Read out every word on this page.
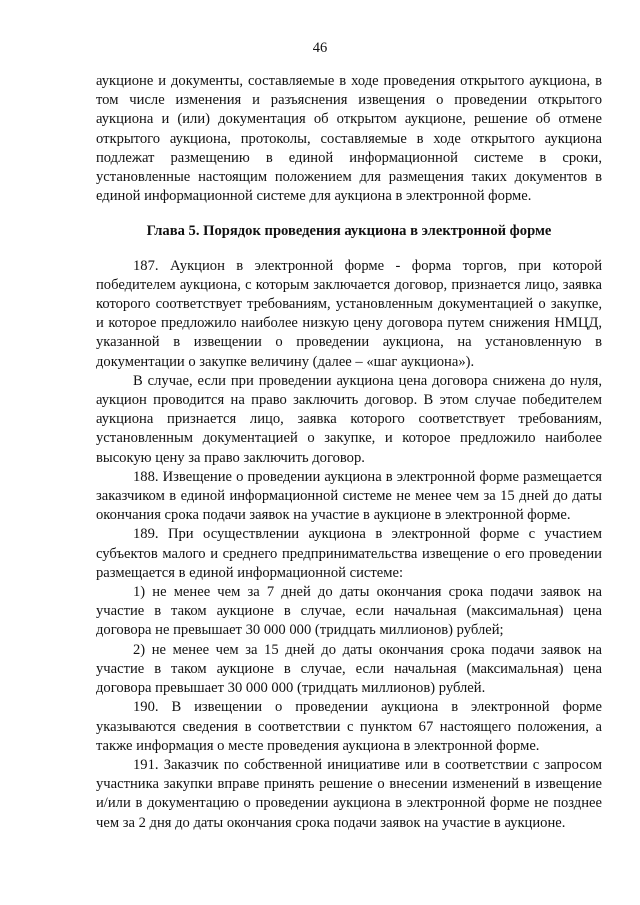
46

аукционе и документы, составляемые в ходе проведения открытого аукциона, в том числе изменения и разъяснения извещения о проведении открытого аукциона и (или) документация об открытом аукционе, решение об отмене открытого аукциона, протоколы, составляемые в ходе открытого аукциона подлежат размещению в единой информационной системе в сроки, установленные настоящим положением для размещения таких документов в единой информационной системе для аукциона в электронной форме.

Глава 5. Порядок проведения аукциона в электронной форме

187. Аукцион в электронной форме - форма торгов, при которой победителем аукциона, с которым заключается договор, признается лицо, заявка которого соответствует требованиям, установленным документацией о закупке, и которое предложило наиболее низкую цену договора путем снижения НМЦД, указанной в извещении о проведении аукциона, на установленную в документации о закупке величину (далее – «шаг аукциона»).

В случае, если при проведении аукциона цена договора снижена до нуля, аукцион проводится на право заключить договор. В этом случае победителем аукциона признается лицо, заявка которого соответствует требованиям, установленным документацией о закупке, и которое предложило наиболее высокую цену за право заключить договор.

188. Извещение о проведении аукциона в электронной форме размещается заказчиком в единой информационной системе не менее чем за 15 дней до даты окончания срока подачи заявок на участие в аукционе в электронной форме.

189. При осуществлении аукциона в электронной форме с участием субъектов малого и среднего предпринимательства извещение о его проведении размещается в единой информационной системе:

1) не менее чем за 7 дней до даты окончания срока подачи заявок на участие в таком аукционе в случае, если начальная (максимальная) цена договора не превышает 30 000 000 (тридцать миллионов) рублей;

2) не менее чем за 15 дней до даты окончания срока подачи заявок на участие в таком аукционе в случае, если начальная (максимальная) цена договора превышает 30 000 000 (тридцать миллионов) рублей.

190. В извещении о проведении аукциона в электронной форме указываются сведения в соответствии с пунктом 67 настоящего положения, а также информация о месте проведения аукциона в электронной форме.

191. Заказчик по собственной инициативе или в соответствии с запросом участника закупки вправе принять решение о внесении изменений в извещение и/или в документацию о проведении аукциона в электронной форме не позднее чем за 2 дня до даты окончания срока подачи заявок на участие в аукционе.
